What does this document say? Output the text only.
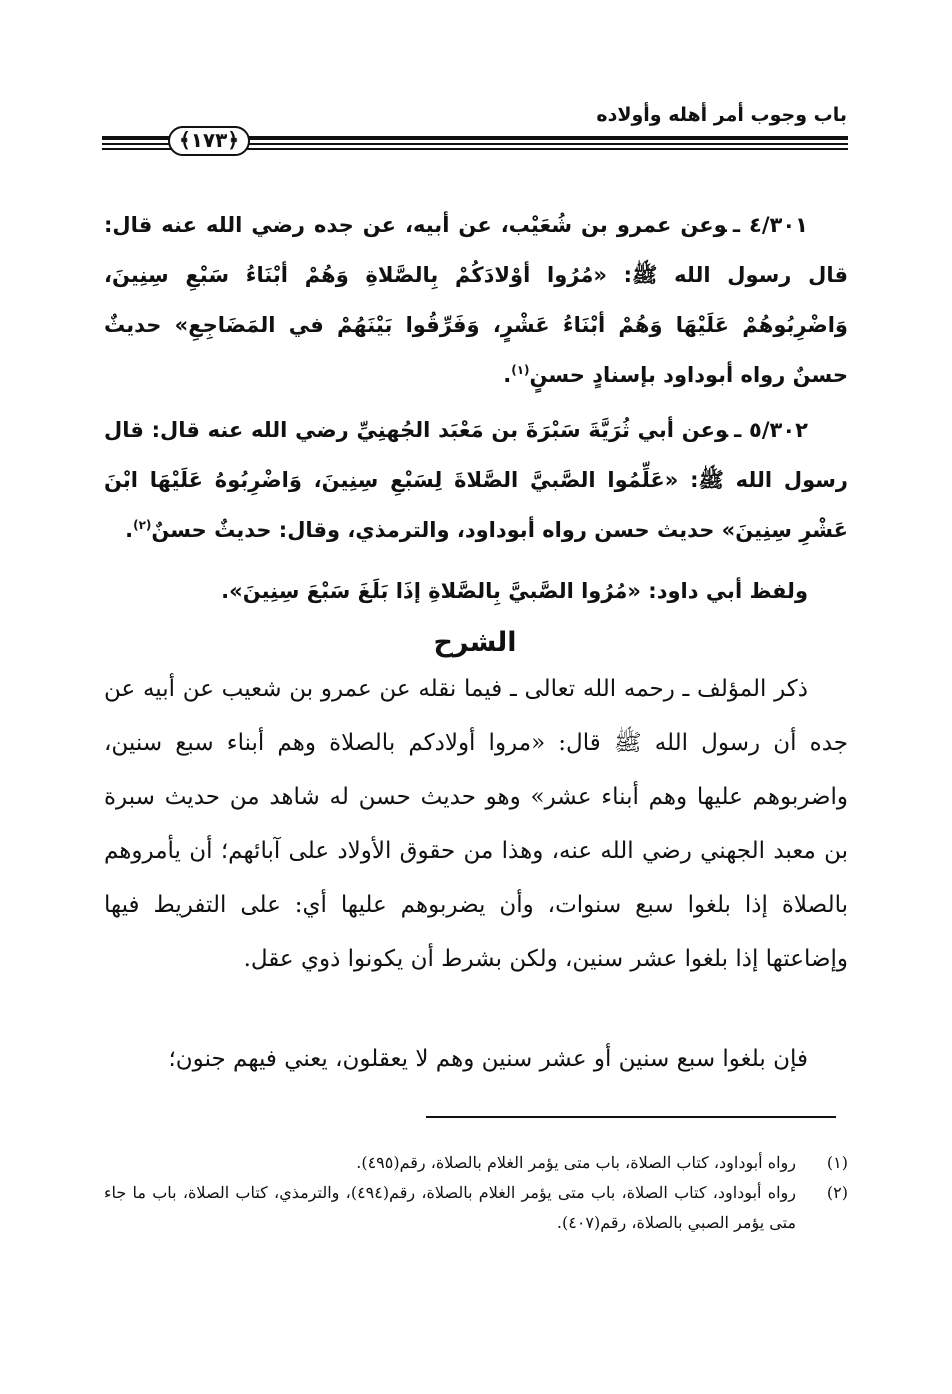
باب وجوب أمر أهله وأولاده
﴿١٧٣﴾

٤/٣٠١ ـوعن عمرو بن شُعَيْب، عن أبيه، عن جده رضي الله عنه قال: قال رسول الله ﷺ: «مُرُوا أوْلادَكُمْ بِالصَّلاةِ وَهُمْ أبْنَاءُ سَبْعِ سِنِينَ، وَاضْرِبُوهُمْ عَلَيْهَا وَهُمْ أبْنَاءُ عَشْرٍ، وَفَرِّقُوا بَيْنَهُمْ في المَضَاجِعِ» حديثٌ حسنٌ رواه أبوداود بإسنادٍ حسنٍ$^{(١)}$.

٥/٣٠٢ ـوعن أبي ثُرَيَّةَ سَبْرَةَ بن مَعْبَد الجُهنِيِّ رضي الله عنه قال: قال رسول الله ﷺ: «عَلِّمُوا الصَّبيَّ الصَّلاةَ لِسَبْعِ سِنِينَ، وَاضْرِبُوهُ عَلَيْهَا ابْنَ عَشْرِ سِنِينَ» حديث حسن رواه أبوداود، والترمذي، وقال: حديثٌ حسنٌ$^{(٢)}$.

ولفظ أبي داود: «مُرُوا الصَّبيَّ بِالصَّلاةِ إذَا بَلَغَ سَبْعَ سِنِينَ».

الشرح

ذكر المؤلف ـ رحمه الله تعالى ـ فيما نقله عن عمرو بن شعيب عن أبيه عن جده أن رسول الله ﷺ قال: «مروا أولادكم بالصلاة وهم أبناء سبع سنين، واضربوهم عليها وهم أبناء عشر» وهو حديث حسن له شاهد من حديث سبرة بن معبد الجهني رضي الله عنه، وهذا من حقوق الأولاد على آبائهم؛ أن يأمروهم بالصلاة إذا بلغوا سبع سنوات، وأن يضربوهم عليها أي: على التفريط فيها وإضاعتها إذا بلغوا عشر سنين، ولكن بشرط أن يكونوا ذوي عقل.

فإن بلغوا سبع سنين أو عشر سنين وهم لا يعقلون، يعني فيهم جنون؛

(١)
رواه أبوداود، كتاب الصلاة، باب متى يؤمر الغلام بالصلاة، رقم(٤٩٥).
(٢)
رواه أبوداود، كتاب الصلاة، باب متى يؤمر الغلام بالصلاة، رقم(٤٩٤)، والترمذي، كتاب الصلاة، باب ما جاء متى يؤمر الصبي بالصلاة، رقم(٤٠٧).
